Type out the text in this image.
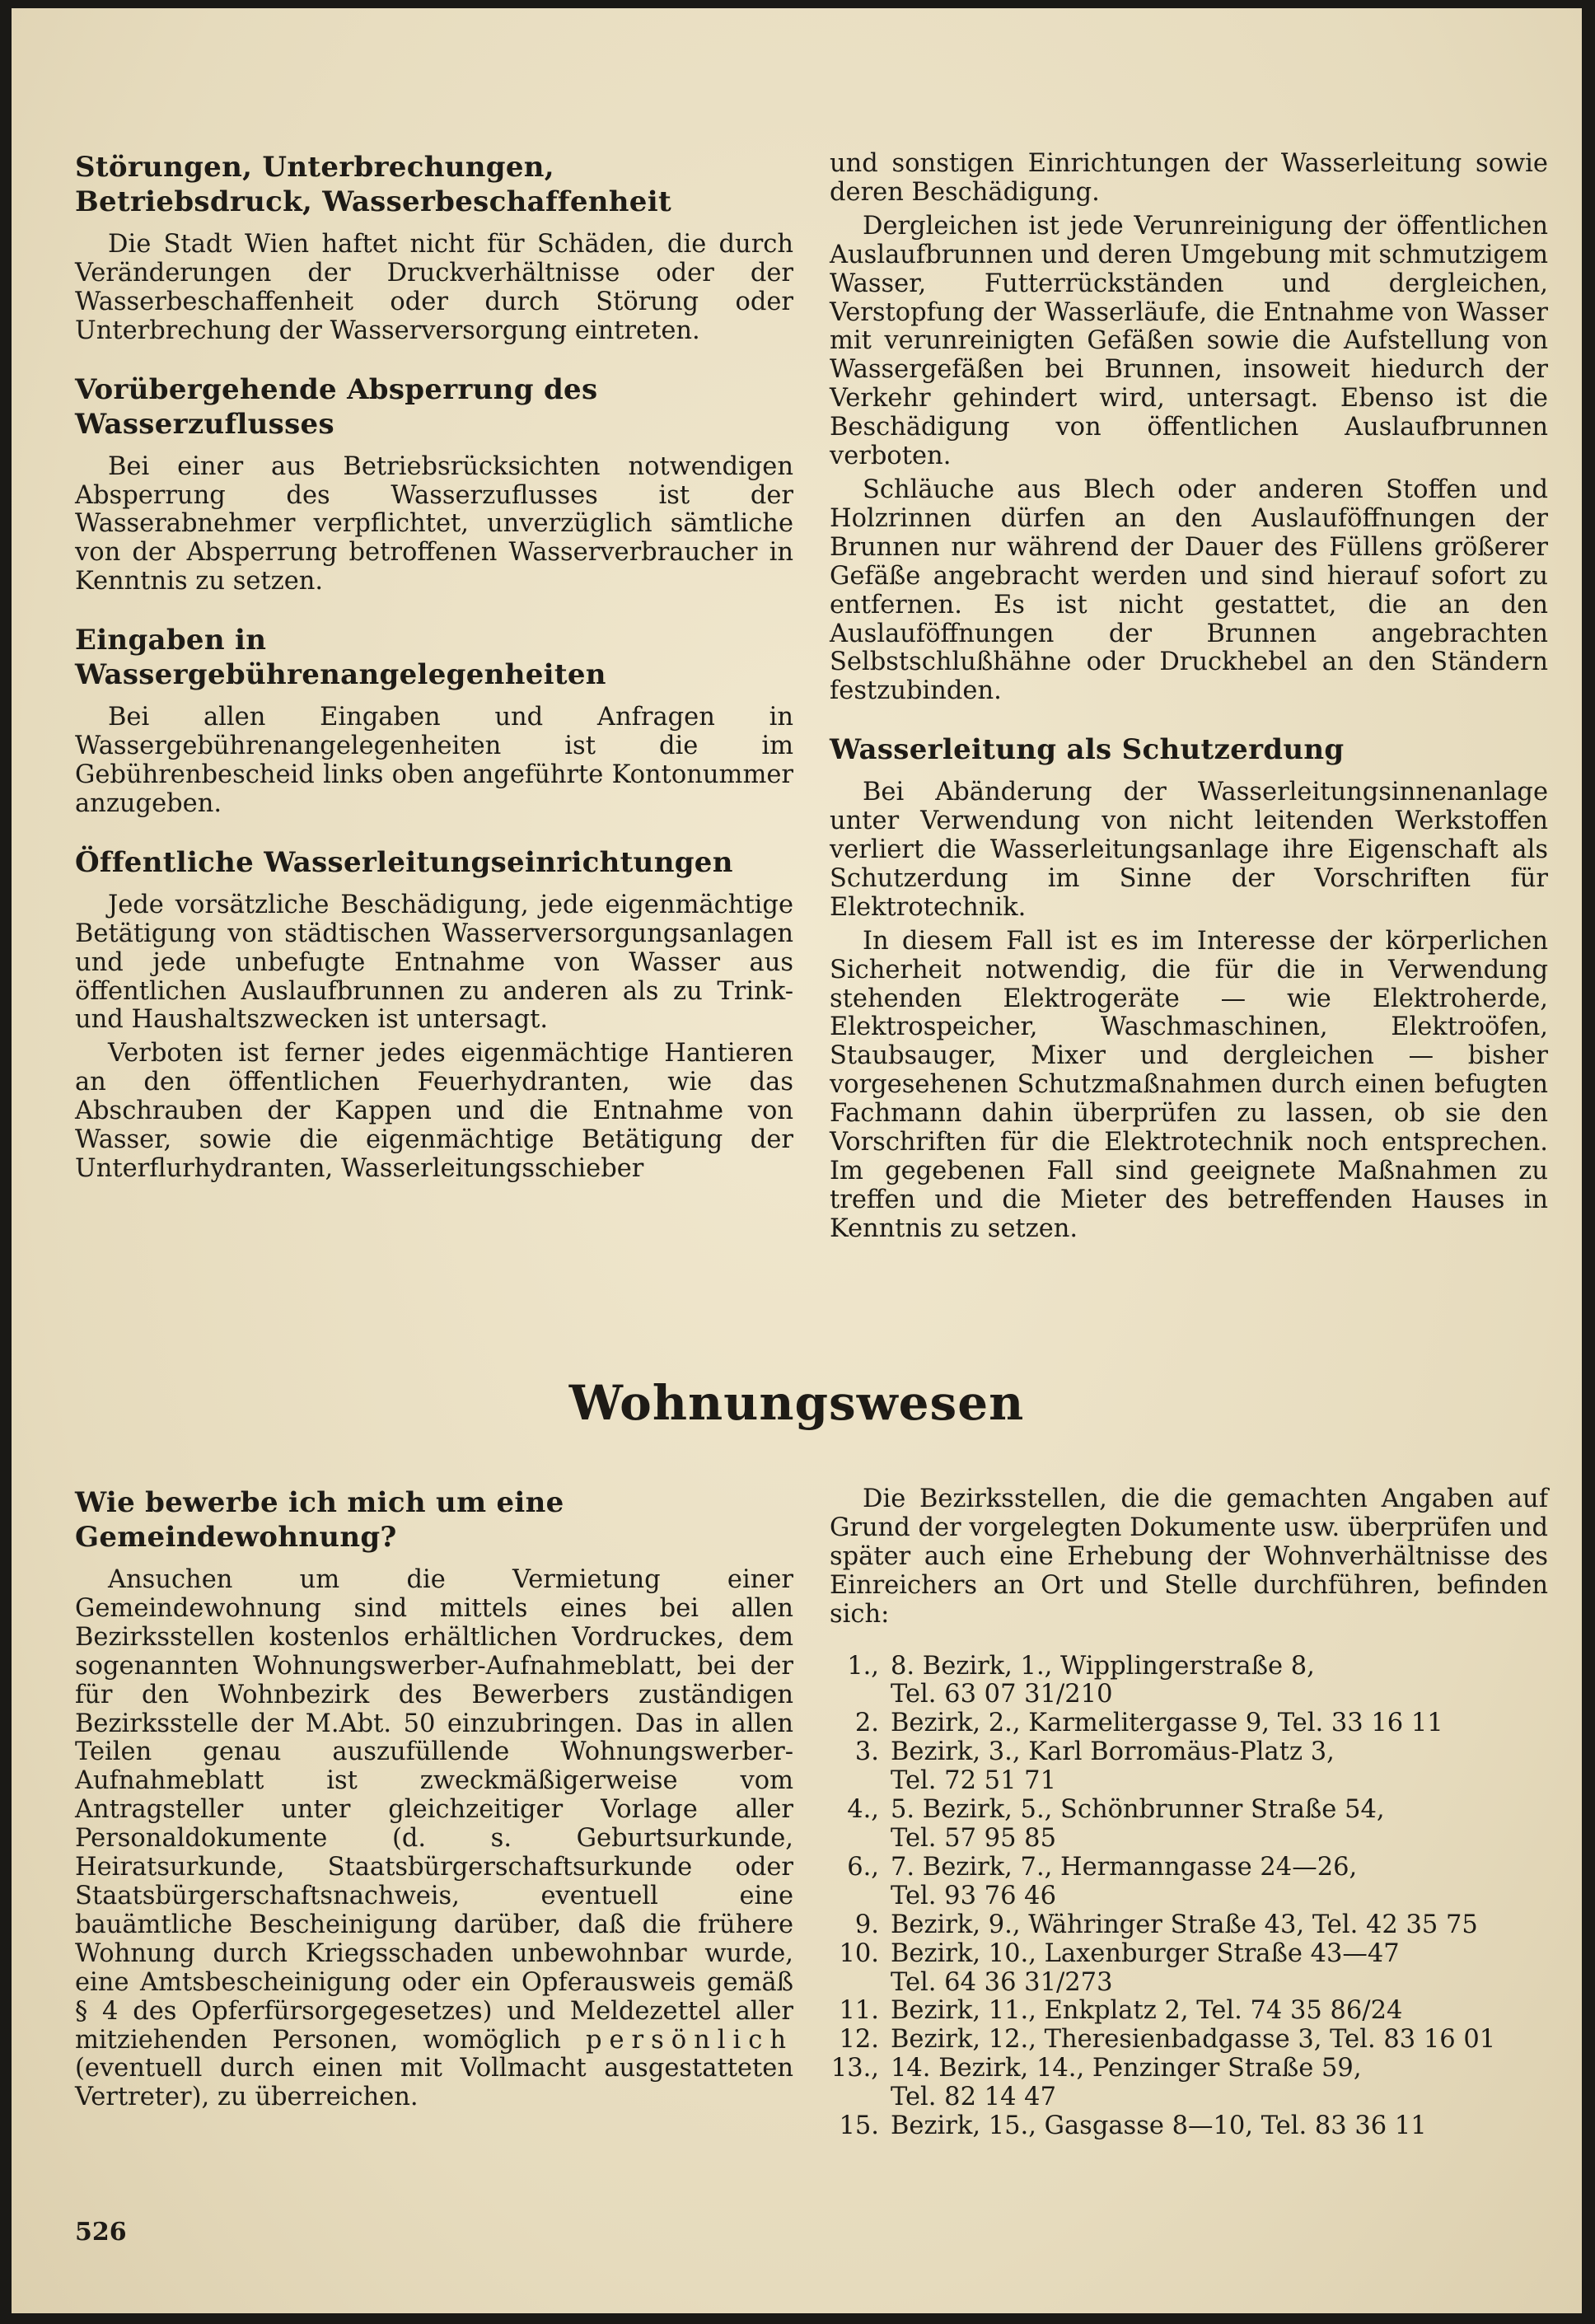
Störungen, Unterbrechungen, Betriebsdruck, Wasserbeschaffenheit

Die Stadt Wien haftet nicht für Schäden, die durch Veränderungen der Druckverhältnisse oder der Wasserbeschaffenheit oder durch Störung oder Unterbrechung der Wasserversorgung eintreten.

Vorübergehende Absperrung des Wasserzuflusses

Bei einer aus Betriebsrücksichten notwendigen Absperrung des Wasserzuflusses ist der Wasserabnehmer verpflichtet, unverzüglich sämtliche von der Absperrung betroffenen Wasserverbraucher in Kenntnis zu setzen.

Eingaben in Wassergebührenangelegenheiten

Bei allen Eingaben und Anfragen in Wassergebührenangelegenheiten ist die im Gebührenbescheid links oben angeführte Kontonummer anzugeben.

Öffentliche Wasserleitungseinrichtungen

Jede vorsätzliche Beschädigung, jede eigenmächtige Betätigung von städtischen Wasserversorgungsanlagen und jede unbefugte Entnahme von Wasser aus öffentlichen Auslaufbrunnen zu anderen als zu Trink- und Haushaltszwecken ist untersagt.

Verboten ist ferner jedes eigenmächtige Hantieren an den öffentlichen Feuerhydranten, wie das Abschrauben der Kappen und die Entnahme von Wasser, sowie die eigenmächtige Betätigung der Unterflurhydranten, Wasserleitungsschieber

und sonstigen Einrichtungen der Wasserleitung sowie deren Beschädigung.

Dergleichen ist jede Verunreinigung der öffentlichen Auslaufbrunnen und deren Umgebung mit schmutzigem Wasser, Futterrückständen und dergleichen, Verstopfung der Wasserläufe, die Entnahme von Wasser mit verunreinigten Gefäßen sowie die Aufstellung von Wassergefäßen bei Brunnen, insoweit hiedurch der Verkehr gehindert wird, untersagt. Ebenso ist die Beschädigung von öffentlichen Auslaufbrunnen verboten.

Schläuche aus Blech oder anderen Stoffen und Holzrinnen dürfen an den Auslauföffnungen der Brunnen nur während der Dauer des Füllens größerer Gefäße angebracht werden und sind hierauf sofort zu entfernen. Es ist nicht gestattet, die an den Auslauföffnungen der Brunnen angebrachten Selbstschlußhähne oder Druckhebel an den Ständern festzubinden.

Wasserleitung als Schutzerdung

Bei Abänderung der Wasserleitungsinnenanlage unter Verwendung von nicht leitenden Werkstoffen verliert die Wasserleitungsanlage ihre Eigenschaft als Schutzerdung im Sinne der Vorschriften für Elektrotechnik.

In diesem Fall ist es im Interesse der körperlichen Sicherheit notwendig, die für die in Verwendung stehenden Elektrogeräte — wie Elektroherde, Elektrospeicher, Waschmaschinen, Elektroöfen, Staubsauger, Mixer und dergleichen — bisher vorgesehenen Schutzmaßnahmen durch einen befugten Fachmann dahin überprüfen zu lassen, ob sie den Vorschriften für die Elektrotechnik noch entsprechen. Im gegebenen Fall sind geeignete Maßnahmen zu treffen und die Mieter des betreffenden Hauses in Kenntnis zu setzen.

Wohnungswesen
Wie bewerbe ich mich um eine Gemeindewohnung?

Ansuchen um die Vermietung einer Gemeindewohnung sind mittels eines bei allen Bezirksstellen kostenlos erhältlichen Vordruckes, dem sogenannten Wohnungswerber-Aufnahmeblatt, bei der für den Wohnbezirk des Bewerbers zuständigen Bezirksstelle der M.Abt. 50 einzubringen. Das in allen Teilen genau auszufüllende Wohnungswerber-Aufnahmeblatt ist zweckmäßigerweise vom Antragsteller unter gleichzeitiger Vorlage aller Personaldokumente (d. s. Geburtsurkunde, Heiratsurkunde, Staatsbürgerschaftsurkunde oder Staatsbürgerschaftsnachweis, eventuell eine bauämtliche Bescheinigung darüber, daß die frühere Wohnung durch Kriegsschaden unbewohnbar wurde, eine Amtsbescheinigung oder ein Opferausweis gemäß § 4 des Opferfürsorgegesetzes) und Meldezettel aller mitziehenden Personen, womöglich persönlich (eventuell durch einen mit Vollmacht ausgestatteten Vertreter), zu überreichen.

Die Bezirksstellen, die die gemachten Angaben auf Grund der vorgelegten Dokumente usw. überprüfen und später auch eine Erhebung der Wohnverhältnisse des Einreichers an Ort und Stelle durchführen, befinden sich:

1., 8. Bezirk, 1., Wipplingerstraße 8,
Tel. 63 07 31/210
2. Bezirk, 2., Karmelitergasse 9, Tel. 33 16 11
3. Bezirk, 3., Karl Borromäus-Platz 3,
Tel. 72 51 71
4., 5. Bezirk, 5., Schönbrunner Straße 54,
Tel. 57 95 85
6., 7. Bezirk, 7., Hermanngasse 24—26,
Tel. 93 76 46
9. Bezirk, 9., Währinger Straße 43, Tel. 42 35 75
10. Bezirk, 10., Laxenburger Straße 43—47
Tel. 64 36 31/273
11. Bezirk, 11., Enkplatz 2, Tel. 74 35 86/24
12. Bezirk, 12., Theresienbadgasse 3, Tel. 83 16 01
13., 14. Bezirk, 14., Penzinger Straße 59,
Tel. 82 14 47
15. Bezirk, 15., Gasgasse 8—10, Tel. 83 36 11
526
